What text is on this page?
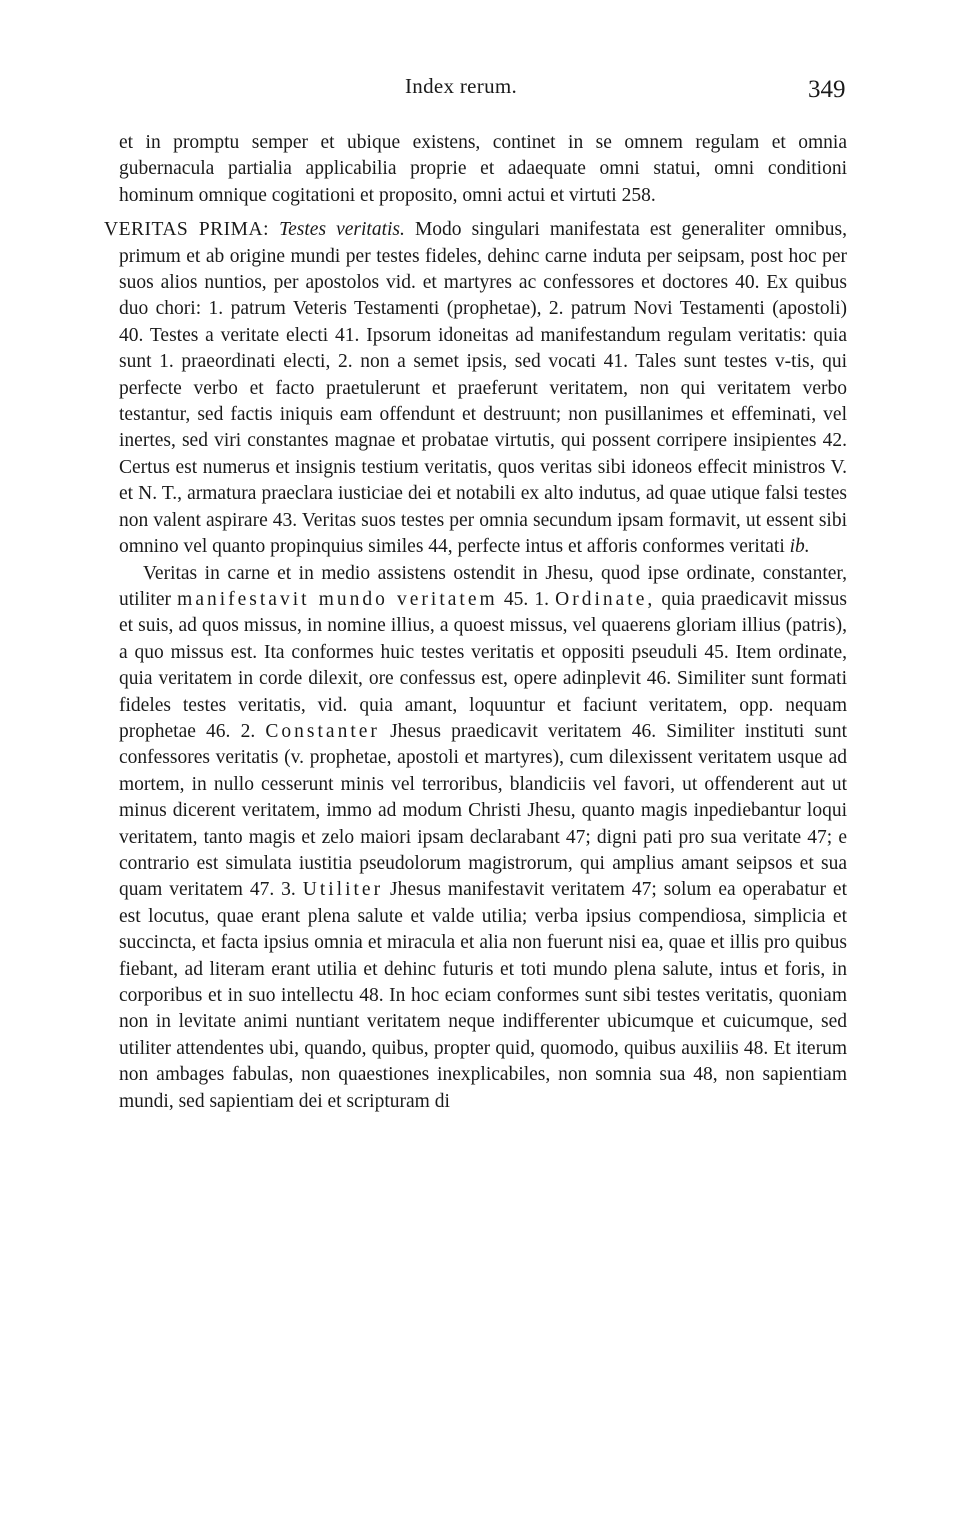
Index rerum.	349

et in promptu semper et ubique existens, continet in se omnem regulam et omnia gubernacula partialia applicabilia proprie et adaequate omni statui, omni conditioni hominum omnique cogitationi et proposito, omni actui et virtuti 258.

VERITAS PRIMA: Testes veritatis. Modo singulari manifestata est generaliter omnibus, primum et ab origine mundi per testes fideles, dehinc carne induta per seipsam, post hoc per suos alios nuntios, per apostolos vid. et martyres ac confessores et doctores 40. Ex quibus duo chori: 1. patrum Veteris Testamenti (prophetae), 2. patrum Novi Testamenti (apostoli) 40. Testes a veritate electi 41. Ipsorum idoneitas ad manifestandum regulam veritatis: quia sunt 1. praeordinati electi, 2. non a semet ipsis, sed vocati 41. Tales sunt testes v-tis, qui perfecte verbo et facto praetulerunt et praeferunt veritatem, non qui veritatem verbo testantur, sed factis iniquis eam offendunt et destruunt; non pusillanimes et effeminati, vel inertes, sed viri constantes magnae et probatae virtutis, qui possent corripere insipientes 42. Certus est numerus et insignis testium veritatis, quos veritas sibi idoneos effecit ministros V. et N. T., armatura praeclara iusticiae dei et notabili ex alto indutus, ad quae utique falsi testes non valent aspirare 43. Veritas suos testes per omnia secundum ipsam formavit, ut essent sibi omnino vel quanto propinquius similes 44, perfecte intus et afforis conformes veritati ib.

Veritas in carne et in medio assistens ostendit in Jhesu, quod ipse ordinate, constanter, utiliter manifestavit mundo veritatem 45. 1. Ordinate, quia praedicavit missus et suis, ad quos missus, in nomine illius, a quoest missus, vel quaerens gloriam illius (patris), a quo missus est. Ita conformes huic testes veritatis et oppositi pseuduli 45. Item ordinate, quia veritatem in corde dilexit, ore confessus est, opere adinplevit 46. Similiter sunt formati fideles testes veritatis, vid. quia amant, loquuntur et faciunt veritatem, opp. nequam prophetae 46. 2. Constanter Jhesus praedicavit veritatem 46. Similiter instituti sunt confessores veritatis (v. prophetae, apostoli et martyres), cum dilexissent veritatem usque ad mortem, in nullo cesserunt minis vel terroribus, blandiciis vel favori, ut offenderent aut ut minus dicerent veritatem, immo ad modum Christi Jhesu, quanto magis inpediebantur loqui veritatem, tanto magis et zelo maiori ipsam declarabant 47; digni pati pro sua veritate 47; e contrario est simulata iustitia pseudolorum magistrorum, qui amplius amant seipsos et sua quam veritatem 47. 3. Utiliter Jhesus manifestavit veritatem 47; solum ea operabatur et est locutus, quae erant plena salute et valde utilia; verba ipsius compendiosa, simplicia et succincta, et facta ipsius omnia et miracula et alia non fuerunt nisi ea, quae et illis pro quibus fiebant, ad literam erant utilia et dehinc futuris et toti mundo plena salute, intus et foris, in corporibus et in suo intellectu 48. In hoc eciam conformes sunt sibi testes veritatis, quoniam non in levitate animi nuntiant veritatem neque indifferenter ubicumque et cuicumque, sed utiliter attendentes ubi, quando, quibus, propter quid, quomodo, quibus auxiliis 48. Et iterum non ambages fabulas, non quaestiones inexplicabiles, non somnia sua 48, non sapientiam mundi, sed sapientiam dei et scripturam di
